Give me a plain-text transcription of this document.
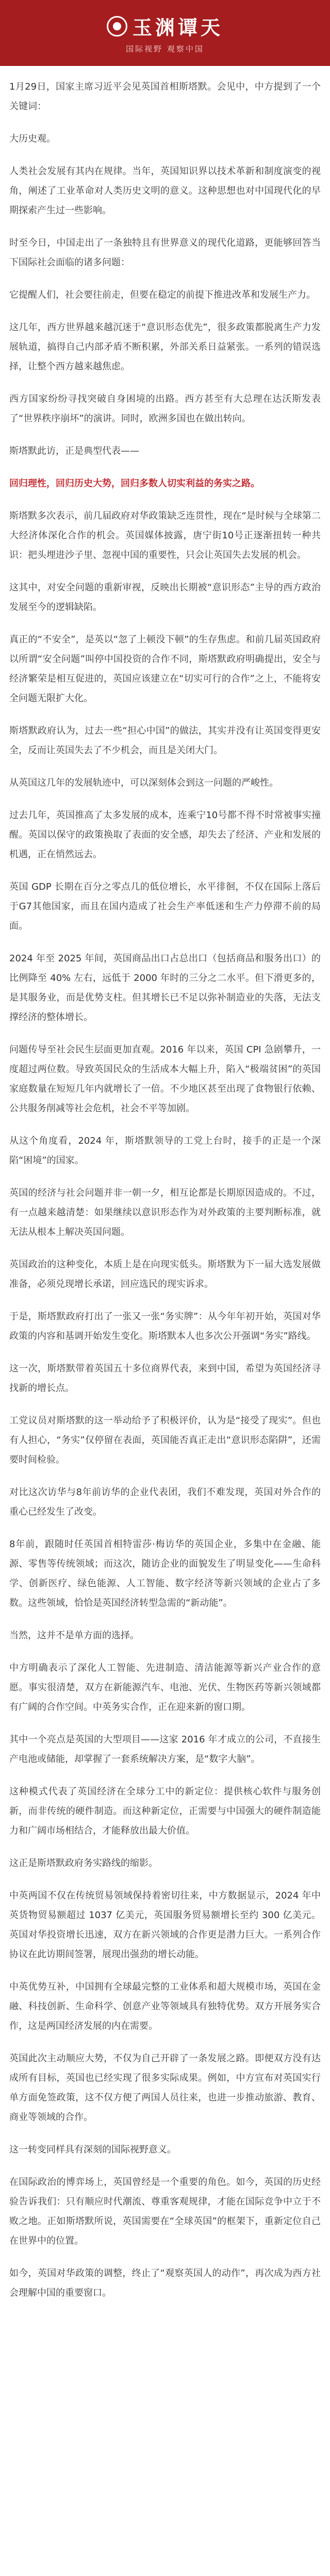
玉渊谭天
国际视野 观察中国

1月29日，国家主席习近平会见英国首相斯塔默。会见中，中方提到了一个关键词：

大历史观。

人类社会发展有其内在规律。当年，英国知识界以技术革新和制度演变的视角，阐述了工业革命对人类历史文明的意义。这种思想也对中国现代化的早期探索产生过一些影响。

时至今日，中国走出了一条独特且有世界意义的现代化道路，更能够回答当下国际社会面临的诸多问题：

它提醒人们，社会要往前走，但要在稳定的前提下推进改革和发展生产力。

这几年，西方世界越来越沉迷于“意识形态优先”，很多政策都脱离生产力发展轨道，搞得自己内部矛盾不断积累，外部关系日益紧张。一系列的错误选择，让整个西方越来越焦虑。

西方国家纷纷寻找突破自身困境的出路。西方甚至有大总理在达沃斯发表了“世界秩序崩坏”的演讲。同时，欧洲多国也在做出转向。

斯塔默此访，正是典型代表——

回归理性，回归历史大势，回归多数人切实利益的务实之路。

斯塔默多次表示，前几届政府对华政策缺乏连贯性，现在“是时候与全球第二大经济体深化合作的机会。英国媒体披露，唐宁街10号正逐渐扭转一种共识：把头埋进沙子里、忽视中国的重要性，只会让英国失去发展的机会。

这其中，对安全问题的重新审视，反映出长期被“意识形态”主导的西方政治发展至今的逻辑缺陷。

真正的“不安全”，是英以“忽了上顿没下顿”的生存焦虑。和前几届英国政府以所谓“安全问题”叫停中国投资的合作不同，斯塔默政府明确提出，安全与经济繁荣是相互促进的，英国应该建立在“切实可行的合作”之上，不能将安全问题无限扩大化。

斯塔默政府认为，过去一些“担心中国”的做法，其实并没有让英国变得更安全，反而让英国失去了不少机会，而且是关闭大门。

从英国这几年的发展轨迹中，可以深刻体会到这一问题的严峻性。

过去几年，英国推高了太多发展的成本，连乘宁10号都不得不时常被事实撞醒。英国以保守的政策换取了表面的安全感，却失去了经济、产业和发展的机遇，正在悄然远去。

英国 GDP 长期在百分之零点几的低位增长，水平徘徊，不仅在国际上落后于G7其他国家，而且在国内造成了社会生产率低迷和生产力停滞不前的局面。

2024 年至 2025 年间，英国商品出口占总出口（包括商品和服务出口）的比例降至 40% 左右，远低于 2000 年时的三分之二水平。但下滑更多的，是其服务业，而是优势支柱。但其增长已不足以弥补制造业的失落，无法支撑经济的整体增长。

问题传导至社会民生层面更加直观。2016 年以来，英国 CPI 急剧攀升，一度超过两位数。导致英国民众的生活成本大幅上升，陷入“极端贫困”的英国家庭数量在短短几年内就增长了一倍。不少地区甚至出现了食物银行依赖、公共服务削减等社会危机，社会不平等加剧。

从这个角度看，2024 年，斯塔默领导的工党上台时，接手的正是一个深陷“困境”的国家。

英国的经济与社会问题并非一朝一夕，相互论都是长期原因造成的。不过，有一点越来越清楚：如果继续以意识形态作为对外政策的主要判断标准，就无法从根本上解决英国问题。

英国政治的这种变化，本质上是在向现实低头。斯塔默为下一届大选发展做准备，必须兑现增长承诺，回应选民的现实诉求。

于是，斯塔默政府打出了一张又一张“务实牌”：从今年年初开始，英国对华政策的内容和基调开始发生变化。斯塔默本人也多次公开强调“务实”路线。

这一次，斯塔默带着英国五十多位商界代表，来到中国，希望为英国经济寻找新的增长点。

工党议员对斯塔默的这一举动给予了积极评价，认为是“接受了现实”。但也有人担心，“务实”仅停留在表面，英国能否真正走出“意识形态陷阱”，还需要时间检验。

对比这次访华与8年前访华的企业代表团，我们不难发现，英国对外合作的重心已经发生了改变。

8年前，跟随时任英国首相特雷莎·梅访华的英国企业，多集中在金融、能源、零售等传统领域；而这次，随访企业的面貌发生了明显变化——生命科学、创新医疗、绿色能源、人工智能、数字经济等新兴领域的企业占了多数。这些领域，恰恰是英国经济转型急需的“新动能”。

当然，这并不是单方面的选择。

中方明确表示了深化人工智能、先进制造、清洁能源等新兴产业合作的意愿。事实很清楚，双方在新能源汽车、电池、光伏、生物医药等新兴领域都有广阔的合作空间。中英务实合作，正在迎来新的窗口期。

其中一个亮点是英国的大型项目——这家 2016 年才成立的公司，不直接生产电池或储能，却掌握了一套系统解决方案，是“数字大脑”。

这种模式代表了英国经济在全球分工中的新定位：提供核心软件与服务创新，而非传统的硬件制造。而这种新定位，正需要与中国强大的硬件制造能力和广阔市场相结合，才能释放出最大价值。

这正是斯塔默政府务实路线的缩影。

中英两国不仅在传统贸易领域保持着密切往来，中方数据显示，2024 年中英货物贸易额超过 1037 亿美元，英国服务贸易额增长至约 300 亿美元。英国对华投资增长迅速，双方在新兴领域的合作更是潜力巨大。一系列合作协议在此访期间签署，展现出强劲的增长动能。

中英优势互补，中国拥有全球最完整的工业体系和超大规模市场，英国在金融、科技创新、生命科学、创意产业等领域具有独特优势。双方开展务实合作，这是两国经济发展的内在需要。

英国此次主动顺应大势，不仅为自己开辟了一条发展之路。即便双方没有达成所有目标，英国也已经实现了很多实际成果。例如，中方宣布对英国实行单方面免签政策，这不仅方便了两国人员往来，也进一步推动旅游、教育、商业等领域的合作。

这一转变同样具有深刻的国际视野意义。

在国际政治的博弈场上，英国曾经是一个重要的角色。如今，英国的历史经验告诉我们：只有顺应时代潮流、尊重客观规律，才能在国际竞争中立于不败之地。正如斯塔默所说，英国需要在“全球英国”的框架下，重新定位自己在世界中的位置。

如今，英国对华政策的调整，终止了“观察英国人的动作”，再次成为西方社会理解中国的重要窗口。
